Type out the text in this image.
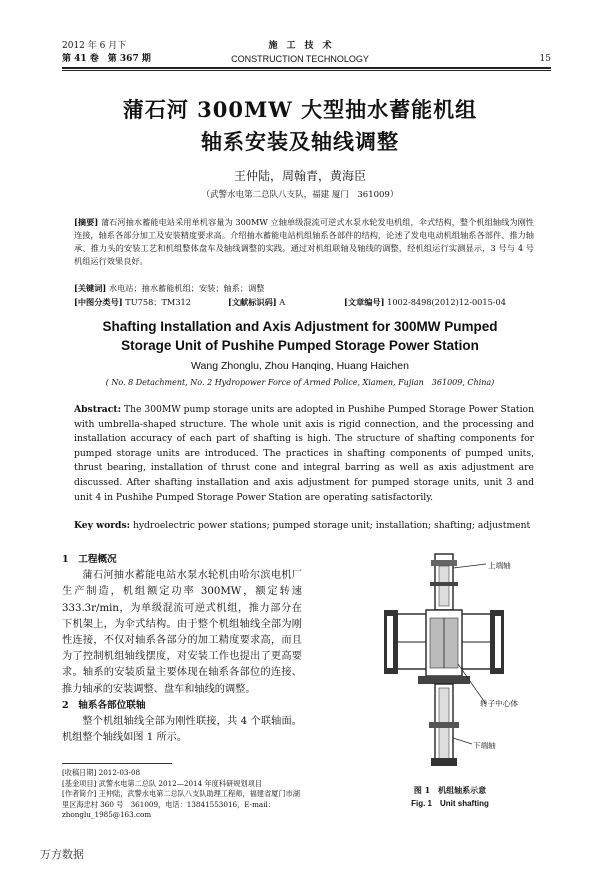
2012 年 6 月下
第 41 卷　第 367 期
施　工　技　术
CONSTRUCTION TECHNOLOGY	15
蒲石河 300MW 大型抽水蓄能机组
轴系安装及轴线调整
王仲陆，周翰青，黄海臣
（武警水电第二总队八支队，福建 厦门　361009）
[摘要] 蒲石河抽水蓄能电站采用单机容量为 300MW 立轴单级混流可逆式水泵水轮发电机组，伞式结构，整个机组轴线为刚性连接，轴系各部分加工及安装精度要求高。介绍抽水蓄能电站机组轴系各部件的结构，论述了发电电动机组轴系各部件、推力轴承、推力头的安装工艺和机组整体盘车及轴线调整的实践。通过对机组联轴及轴线的调整，经机组运行实测显示，3 号与 4 号机组运行效果良好。
[关键词] 水电站；抽水蓄能机组；安装；轴系；调整
[中图分类号] TU758；TM312	[文献标识码] A	[文章编号] 1002-8498(2012)12-0015-04
Shafting Installation and Axis Adjustment for 300MW Pumped
Storage Unit of Pushihe Pumped Storage Power Station
Wang Zhonglu, Zhou Hanqing, Huang Haichen
( No. 8 Detachment, No. 2 Hydropower Force of Armed Police, Xiamen, Fujian　361009, China)
Abstract: The 300MW pump storage units are adopted in Pushihe Pumped Storage Power Station with umbrella-shaped structure. The whole unit axis is rigid connection, and the processing and installation accuracy of each part of shafting is high. The structure of shafting components for pumped storage units are introduced. The practices in shafting components of pumped units, thrust bearing, installation of thrust cone and integral barring as well as axis adjustment are discussed. After shafting installation and axis adjustment for pumped storage units, unit 3 and unit 4 in Pushihe Pumped Storage Power Station are operating satisfactorily.
Key words: hydroelectric power stations; pumped storage unit; installation; shafting; adjustment
1　工程概况

蒲石河抽水蓄能电站水泵水轮机由哈尔滨电机厂生产制造，机组额定功率 300MW，额定转速 333.3r/min，为单级混流可逆式机组，推力部分在下机架上，为伞式结构。由于整个机组轴线全部为刚性连接，不仅对轴系各部分的加工精度要求高，而且为了控制机组轴线摆度，对安装工作也提出了更高要求。轴系的安装质量主要体现在轴系各部位的连接、推力轴承的安装调整、盘车和轴线的调整。

2　轴系各部位联轴

整个机组轴线全部为刚性联接，共 4 个联轴面。机组整个轴线如图 1 所示。

[收稿日期] 2012-03-08
[基金项目] 武警水电第二总队 2012—2014 年度科研规划项目
[作者简介] 王仲陆，武警水电第二总队八支队助理工程师，福建省厦门市湖里区海忠村 360 号　361009，电话：13841553016，E-mail：zhonglu_1985@163.com
上端轴
转子中心体
下端轴
图 1　机组轴系示意
Fig. 1　Unit shafting
万方数据
